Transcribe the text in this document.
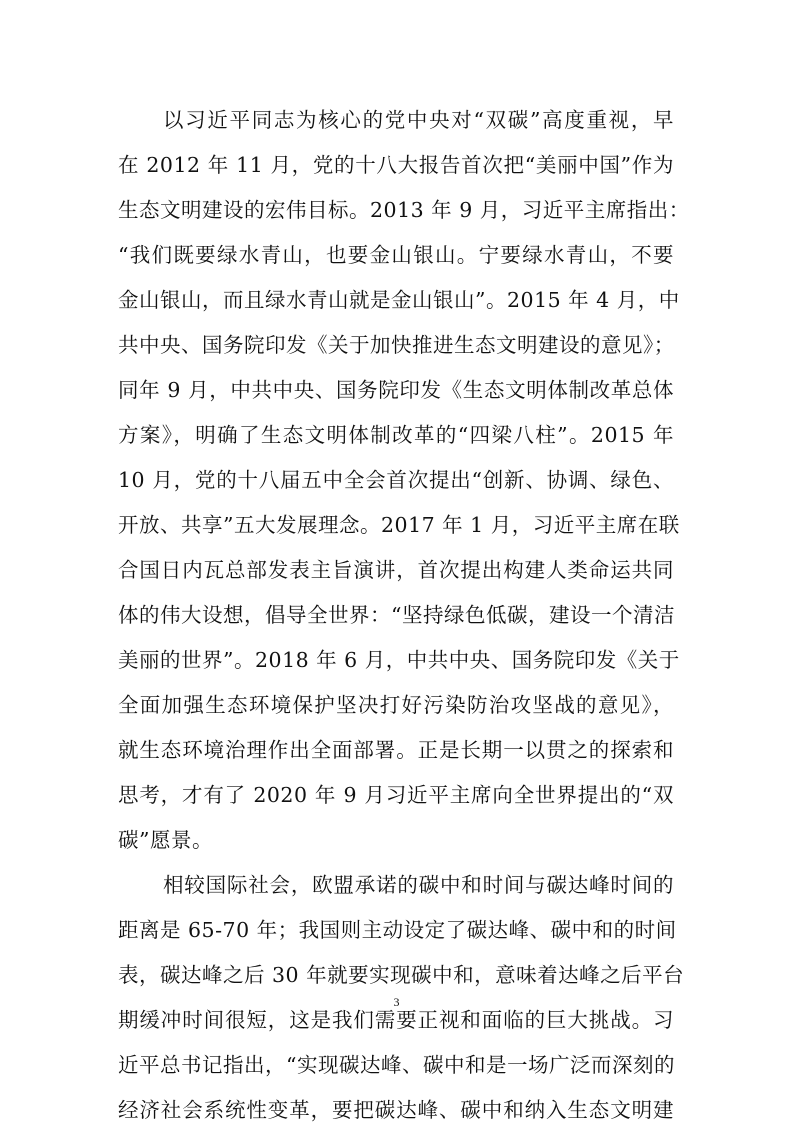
以习近平同志为核心的党中央对“双碳”高度重视，早
在 2012 年 11 月，党的十八大报告首次把“美丽中国”作为
生态文明建设的宏伟目标。2013 年 9 月，习近平主席指出：
“我们既要绿水青山，也要金山银山。宁要绿水青山，不要
金山银山，而且绿水青山就是金山银山”。2015 年 4 月，中
共中央、国务院印发《关于加快推进生态文明建设的意见》；
同年 9 月，中共中央、国务院印发《生态文明体制改革总体
方案》，明确了生态文明体制改革的“四梁八柱”。2015 年
10 月，党的十八届五中全会首次提出“创新、协调、绿色、
开放、共享”五大发展理念。2017 年 1 月，习近平主席在联
合国日内瓦总部发表主旨演讲，首次提出构建人类命运共同
体的伟大设想，倡导全世界：“坚持绿色低碳，建设一个清洁
美丽的世界”。2018 年 6 月，中共中央、国务院印发《关于
全面加强生态环境保护坚决打好污染防治攻坚战的意见》，
就生态环境治理作出全面部署。正是长期一以贯之的探索和
思考，才有了 2020 年 9 月习近平主席向全世界提出的“双
碳”愿景。
相较国际社会，欧盟承诺的碳中和时间与碳达峰时间的
距离是 65-70 年；我国则主动设定了碳达峰、碳中和的时间
表，碳达峰之后 30 年就要实现碳中和，意味着达峰之后平台
期缓冲时间很短，这是我们需要正视和面临的巨大挑战。习
近平总书记指出，“实现碳达峰、碳中和是一场广泛而深刻的
经济社会系统性变革，要把碳达峰、碳中和纳入生态文明建
3
